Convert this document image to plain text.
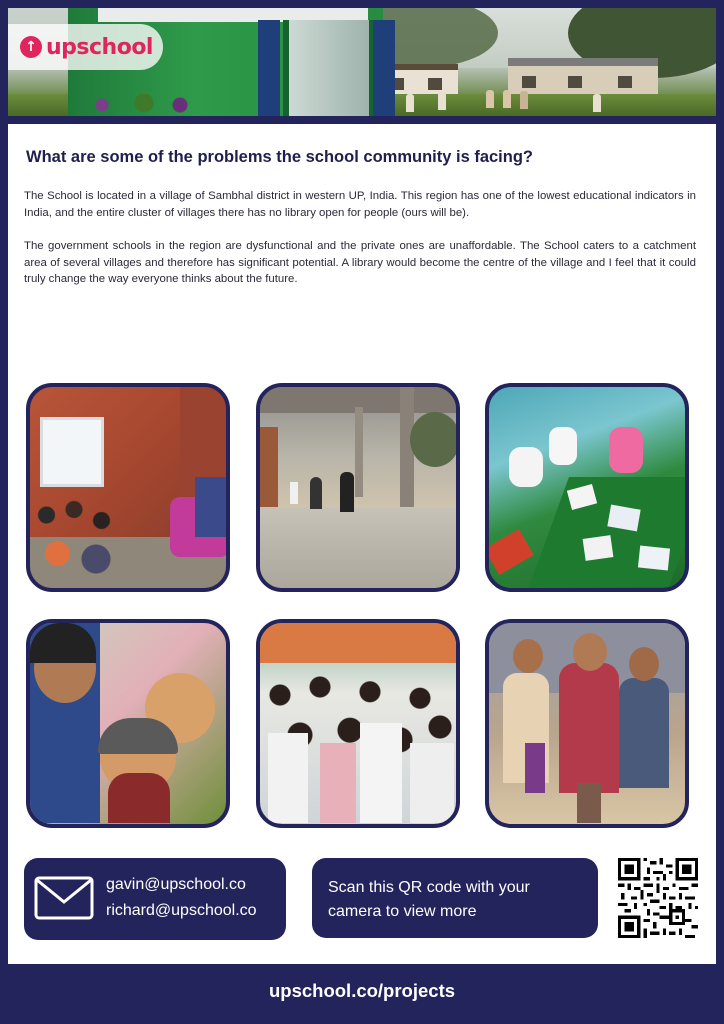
↑ upschool
What are some of the problems the school community is facing?

The School is located in a village of Sambhal district in western UP, India. This region has one of the lowest educational indicators in India, and the entire cluster of villages there has no library open for people (ours will be).

The government schools in the region are dysfunctional and the private ones are unaffordable. The School caters to a catchment area of several villages and therefore has significant potential. A library would become the centre of the village and I feel that it could truly change the way everyone thinks about the future.

gavin@upschool.co

richard@upschool.co

Scan this QR code with your camera to view more

upschool.co/projects
